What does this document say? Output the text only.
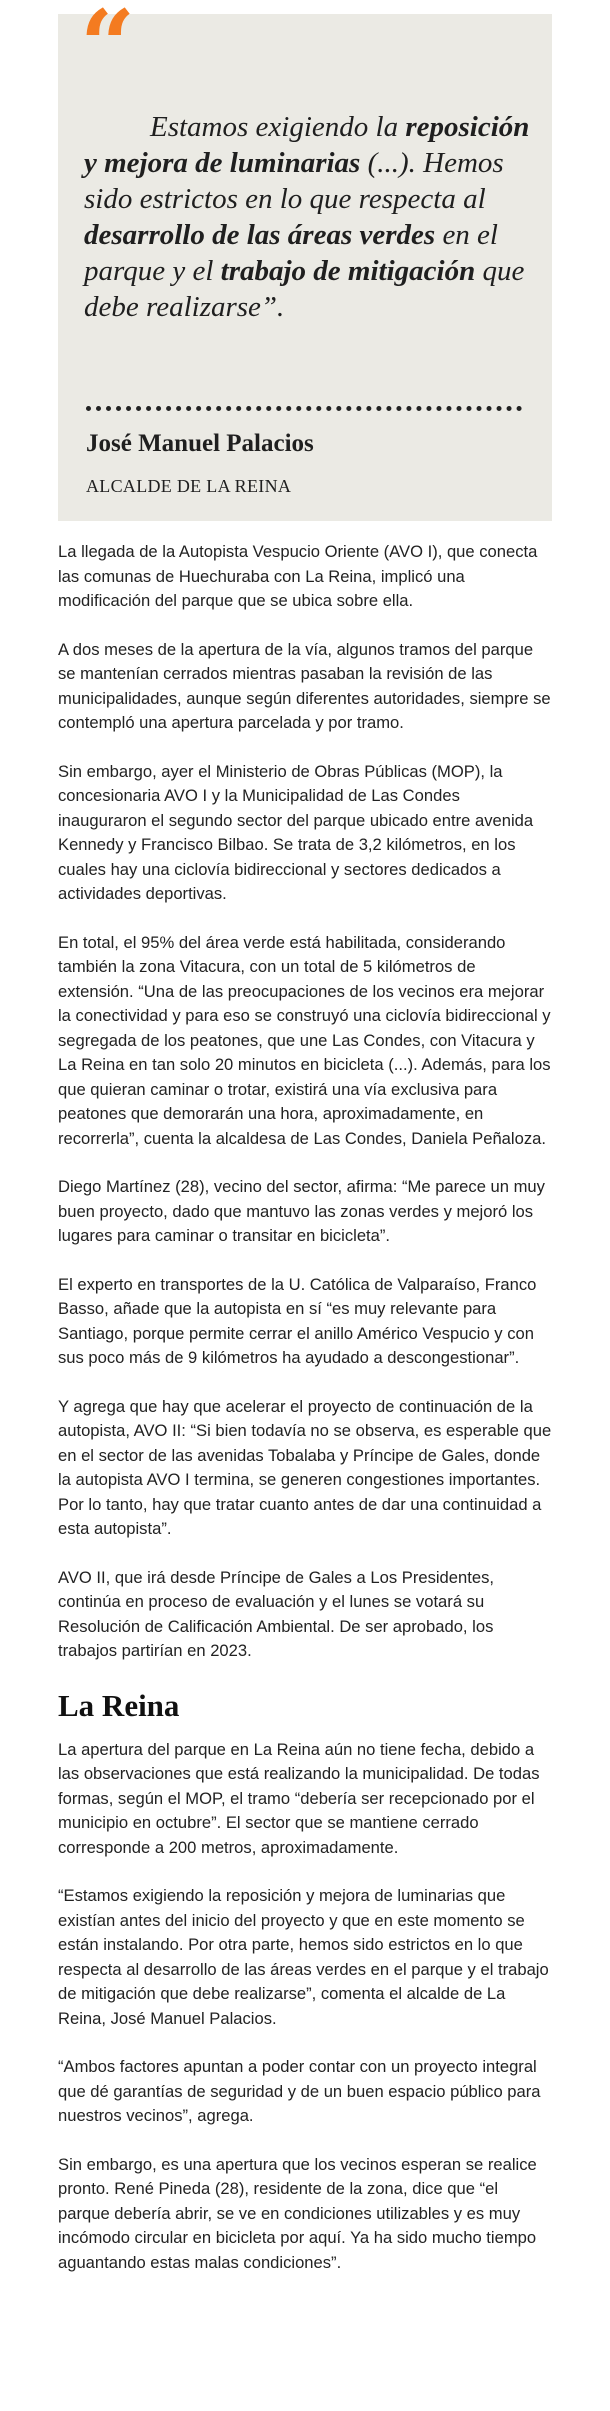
“
Estamos exigiendo la reposición y mejora de luminarias (...). Hemos sido estrictos en lo que respecta al desarrollo de las áreas verdes en el parque y el trabajo de mitigación que debe realizarse”.
José Manuel Palacios
ALCALDE DE LA REINA

La llegada de la Autopista Vespucio Oriente (AVO I), que conecta las comunas de Huechuraba con La Reina, implicó una modificación del parque que se ubica sobre ella.

A dos meses de la apertura de la vía, algunos tramos del parque se mantenían cerrados mientras pasaban la revisión de las municipalidades, aunque según diferentes autoridades, siempre se contempló una apertura parcelada y por tramo.

Sin embargo, ayer el Ministerio de Obras Públicas (MOP), la concesionaria AVO I y la Municipalidad de Las Condes inauguraron el segundo sector del parque ubicado entre avenida Kennedy y Francisco Bilbao. Se trata de 3,2 kilómetros, en los cuales hay una ciclovía bidireccional y sectores dedicados a actividades deportivas.

En total, el 95% del área verde está habilitada, considerando también la zona Vitacura, con un total de 5 kilómetros de extensión. “Una de las preocupaciones de los vecinos era mejorar la conectividad y para eso se construyó una ciclovía bidireccional y segregada de los peatones, que une Las Condes, con Vitacura y La Reina en tan solo 20 minutos en bicicleta (...). Además, para los que quieran caminar o trotar, existirá una vía exclusiva para peatones que demorarán una hora, aproximadamente, en recorrerla”, cuenta la alcaldesa de Las Condes, Daniela Peñaloza.

Diego Martínez (28), vecino del sector, afirma: “Me parece un muy buen proyecto, dado que mantuvo las zonas verdes y mejoró los lugares para caminar o transitar en bicicleta”.

El experto en transportes de la U. Católica de Valparaíso, Franco Basso, añade que la autopista en sí “es muy relevante para Santiago, porque permite cerrar el anillo Américo Vespucio y con sus poco más de 9 kilómetros ha ayudado a descongestionar”.

Y agrega que hay que acelerar el proyecto de continuación de la autopista, AVO II: “Si bien todavía no se observa, es esperable que en el sector de las avenidas Tobalaba y Príncipe de Gales, donde la autopista AVO I termina, se generen congestiones importantes. Por lo tanto, hay que tratar cuanto antes de dar una continuidad a esta autopista”.

AVO II, que irá desde Príncipe de Gales a Los Presidentes, continúa en proceso de evaluación y el lunes se votará su Resolución de Calificación Ambiental. De ser aprobado, los trabajos partirían en 2023.

La Reina

La apertura del parque en La Reina aún no tiene fecha, debido a las observaciones que está realizando la municipalidad. De todas formas, según el MOP, el tramo “debería ser recepcionado por el municipio en octubre”. El sector que se mantiene cerrado corresponde a 200 metros, aproximadamente.

“Estamos exigiendo la reposición y mejora de luminarias que existían antes del inicio del proyecto y que en este momento se están instalando. Por otra parte, hemos sido estrictos en lo que respecta al desarrollo de las áreas verdes en el parque y el trabajo de mitigación que debe realizarse”, comenta el alcalde de La Reina, José Manuel Palacios.

“Ambos factores apuntan a poder contar con un proyecto integral que dé garantías de seguridad y de un buen espacio público para nuestros vecinos”, agrega.

Sin embargo, es una apertura que los vecinos esperan se realice pronto. René Pineda (28), residente de la zona, dice que “el parque debería abrir, se ve en condiciones utilizables y es muy incómodo circular en bicicleta por aquí. Ya ha sido mucho tiempo aguantando estas malas condiciones”.
